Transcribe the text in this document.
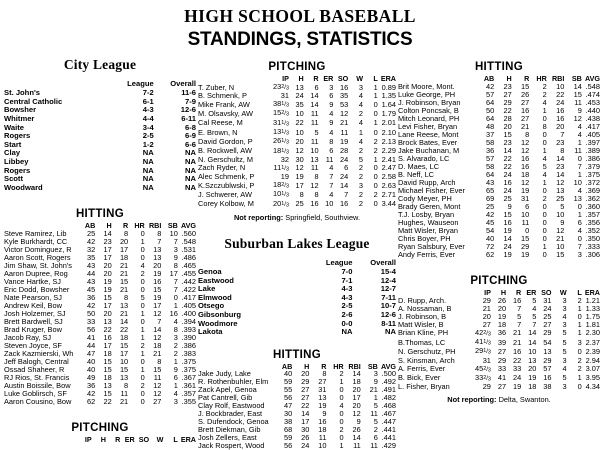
HIGH SCHOOL BASEBALL
STANDINGS, STATISTICS
City League
	League	Overall
St. John's	7-2	11-6
Central Catholic	6-1	7-9
Bowsher	4-3	12-6
Whitmer	4-4	6-11
Waite	3-4	6-8
Rogers	2-5	6-9
Start	1-2	6-6
Clay	NA	NA
Libbey	NA	NA
Rogers	NA	NA
Scott	NA	NA
Woodward	NA	NA
HITTING
	AB	H	R	HR	RBI	SB	AVG
Steve Ramirez, Lib	25	14	8	0	8	10	.560
Kyle Burkhardt, CC	42	23	20	1	7	7	.548
Victor Dominguez, R	32	17	17	0	13	3	.531
Aaron Scott, Rogers	35	17	18	0	13	9	.486
Jim Shaw, St. John's	43	20	21	4	20	8	.465
Aaron Dupree, Rog	44	20	21	2	19	17	.455
Vance Hartke, SJ	43	19	15	0	16	7	.442
Eric Dodd, Bowsher	45	19	21	0	15	7	.422
Nate Pearson, SJ	36	15	8	5	19	0	.417
Andrew Keil, Bow	42	17	13	0	17	1	.405
Josh Holzemer, SJ	50	20	21	1	12	16	.400
Brett Bardwell, SJ	33	13	14	0	7	4	.394
Brad Kruger, Bow	56	22	22	1	14	8	.393
Jacob Ray, SJ	41	16	18	1	12	3	.390
Steven Joyce, SF	44	17	15	2	18	2	.386
Zack Kazmierski, Wh	47	18	17	1	21	2	.383
Jeff Balogh, Central	40	15	10	0	8	1	.375
Ossad Shaheer, R	40	15	15	1	15	9	.375
RJ Rios, St. Francis	49	18	13	0	11	6	.367
Austin Boissile, Bow	36	13	8	2	12	1	.361
Luke Goblirsch, SF	42	15	11	0	12	4	.357
Aaron Cousino, Bow	62	22	21	0	27	3	.355
PITCHING
	IP	H	R	ER	SO	W	L	ERA
PITCHING
	IP	H	R	ER	SO	W	L	ERA
T. Zuber, N	232/3	13	6	3	16	3	1	0.89
B. Schmenk, P	31	24	14	6	35	4	1	1.35
Mike Frank, AW	381/3	35	14	9	53	4	0	1.64
M. Olsavsky, AW	152/3	10	11	4	12	2	0	1.79
Cal Reese, M	311/3	22	11	9	21	4	1	2.01
E. Brown, N	131/3	10	5	4	11	1	0	2.10
David Gordon, P	261/3	20	11	8	19	4	2	2.13
B. Rockwell, AW	181/3	12	10	6	28	2	2	2.29
N. Gerschultz, M	32	30	13	11	24	5	1	2.41
Zach Ryder, N	111/3	12	11	4	6	2	0	2.47
Alec Schmenk, P	19	19	8	7	24	2	0	2.58
K.Szczublwski, P	182/3	17	12	7	14	3	0	2.63
J. Schwerer, AW	101/3	8	8	4	7	2	2	2.71
Corey Kolbow, M	201/3	25	16	10	16	2	0	3.44
Not reporting: Springfield, Southview.
Suburban Lakes League
	League	Overall
Genoa	7-0	15-4
Eastwood	7-1	12-4
Lake	4-3	12-7
Elmwood	4-3	7-11
Otsego	2-5	10-7
Gibsonburg	2-6	12-6
Woodmore	0-0	8-11
Lakota	NA	NA
HITTING
	AB	H	R	HR	RBI	SB	AVG
Jake Judy, Lake	40	20	8	2	14	3	.500
R. Rothenbuhler, Elm	59	29	27	1	18	9	.492
Zack Apel, Genoa	55	27	31	0	20	21	.491
Pat Cantrell, Gib	56	27	13	0	17	1	.482
Clay Rolf, Eastwood	47	22	19	4	20	5	.468
J. Bockbrader, East	30	14	9	0	12	11	.467
S. Dufendock, Genoa	38	17	16	0	9	5	.447
Brett Diekman, Gib	68	30	18	2	26	2	.441
Josh Zellers, East	59	26	11	0	14	6	.441
Jack Rospert, Wood	56	24	10	1	11	11	.429
HITTING
	AB	H	R	HR	RBI	SB	AVG
Brit Moore, Mont.	42	23	15	2	10	14	.548
Luke George, PH	57	27	26	2	22	15	.474
J. Robinson, Bryan	64	29	27	4	24	11	.453
Colton Poncsak, B	50	22	16	1	16	9	.440
Mitch Leonard, PH	64	28	27	0	16	12	.438
Levi Fisher, Bryan	48	20	21	8	20	4	.417
Lane Reese, Mont	37	15	8	0	7	4	.405
Brock Bates, Ever	58	23	12	0	23	1	.397
Jake Buchanan, M	36	14	12	1	8	11	.389
S. Alvarado, LC	57	22	16	4	14	0	.386
D. Maes, LC	58	22	16	5	23	7	.379
B. Neff, LC	64	24	18	4	14	1	.375
David Rupp, Arch	43	16	12	1	12	10	.372
Michael Fisher, Ever	65	24	19	0	13	4	.369
Cody Meyer, PH	69	25	31	2	25	13	.362
Brady Geren, Mont	25	9	6	0	5	0	.360
T.J. Losby, Bryan	42	15	10	0	10	1	.357
Hughes, Wauseon	45	16	11	0	9	6	.356
Matt Wisler, Bryan	54	19	0	0	12	4	.352
Chris Boyer, PH	40	14	15	0	21	0	.350
Ryan Salsbury, Ever	72	24	29	1	10	7	.333
Andy Ferris, Ever	62	19	19	0	15	3	.306
PITCHING
	IP	H	R	ER	SO	W	L	ERA
D. Rupp, Arch.	29	26	16	5	31	3	2	1.21
A. Nossaman, B	21	20	7	4	24	3	1	1.33
J. Robinson, B	20	19	5	5	25	4	0	1.75
Matt Wisler, B	27	18	7	7	27	3	1	1.81
Brian Kline, PH	422/3	36	21	14	29	5	1	2.30
B.Thomas, LC	411/3	39	21	14	54	5	3	2.37
N. Gerschutz, PH	291/3	27	16	10	13	5	0	2.39
S. Kinsman, Arch	31	29	22	13	29	3	2	2.94
A. Ferris, Ever	452/3	33	33	20	57	4	2	3.07
B. Bick, Ever	332/3	41	24	19	16	5	1	3.95
L. Fisher, Bryan	29	27	19	18	38	3	0	4.34
Not reporting: Delta, Swanton.
